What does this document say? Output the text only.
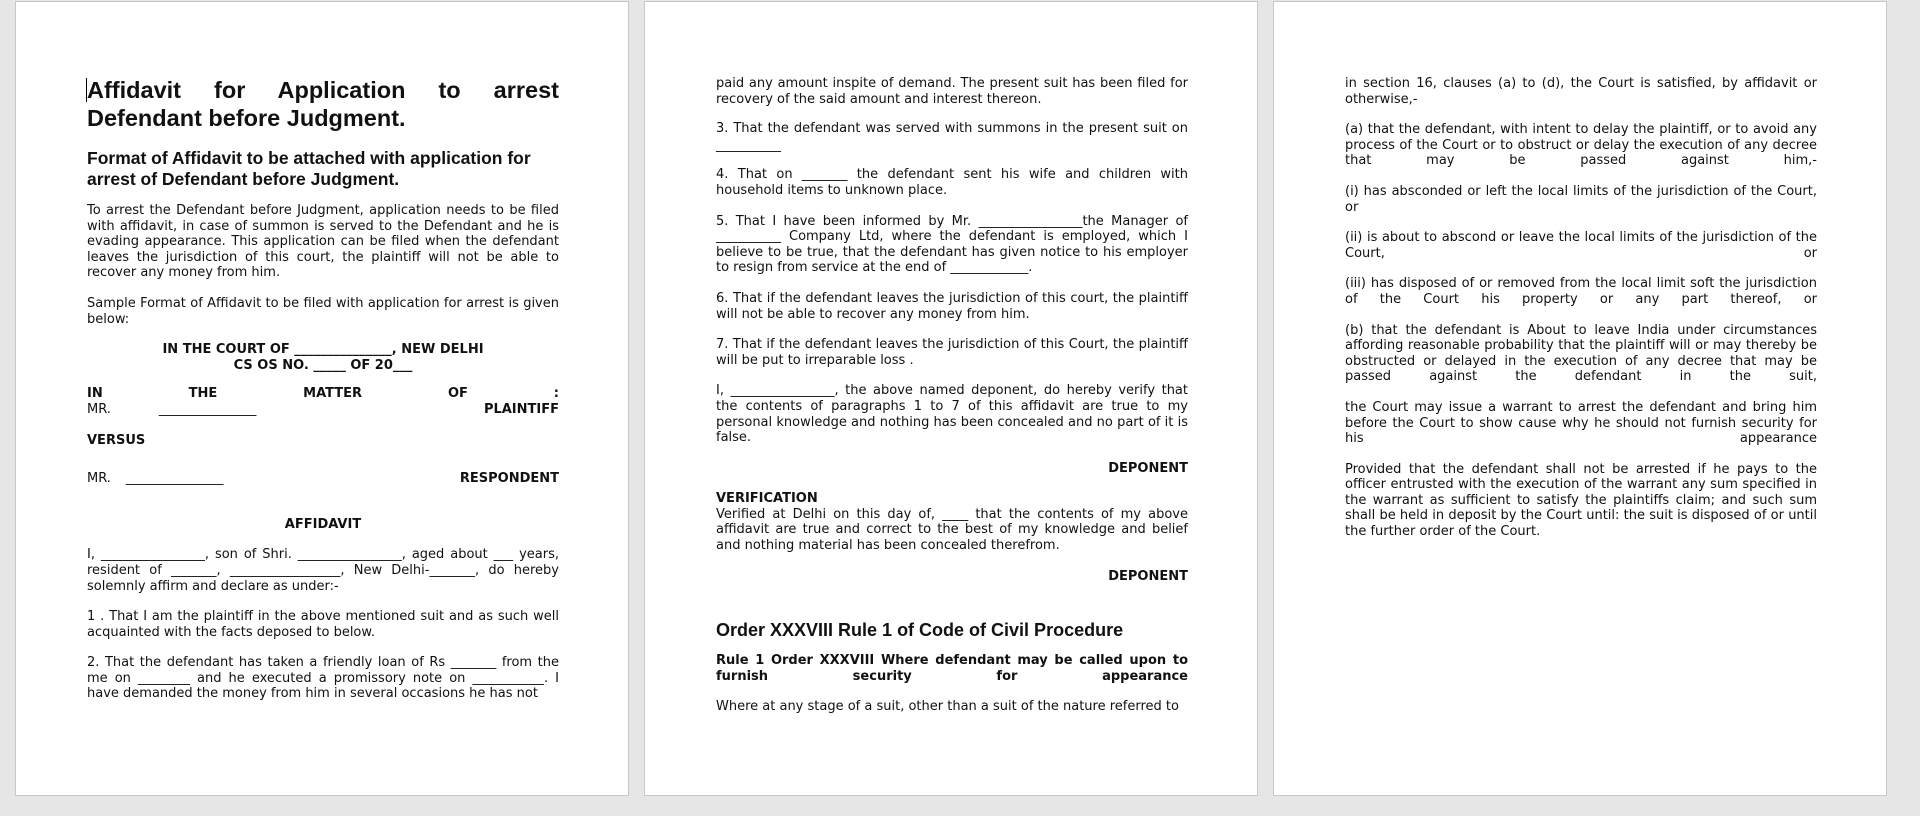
Affidavit for Application to arrest
Defendant before Judgment.

Format of Affidavit to be attached with application for arrest of Defendant before Judgment.

To arrest the Defendant before Judgment, application needs to be filed with affidavit, in case of summon is served to the Defendant and he is evading appearance. This application can be filed when the defendant leaves the jurisdiction of this court, the plaintiff will not be able to recover any money from him.

Sample Format of Affidavit to be filed with application for arrest is given below:

IN THE COURT OF _______________, NEW DELHI

CS OS NO. _____ OF 20___

IN	THE	MATTER	OF	:
MR.	_______________	PLAINTIFF

VERSUS

MR. _______________	RESPONDENT

AFFIDAVIT

I, ________________, son of Shri. ________________, aged about ___ years, resident of _______, _________________, New Delhi-_______, do hereby solemnly affirm and declare as under:-

1 . That I am the plaintiff in the above mentioned suit and as such well acquainted with the facts deposed to below.

2. That the defendant has taken a friendly loan of Rs _______ from the me on ________ and he executed a promissory note on ___________. I have demanded the money from him in several occasions he has not

paid any amount inspite of demand. The present suit has been filed for recovery of the said amount and interest thereon.

3. That the defendant was served with summons in the present suit on

__________

4. That on _______ the defendant sent his wife and children with household items to unknown place.

5. That I have been informed by Mr. ________________the Manager of __________ Company Ltd, where the defendant is employed, which I believe to be true, that the defendant has given notice to his employer to resign from service at the end of ____________.

6. That if the defendant leaves the jurisdiction of this court, the plaintiff will not be able to recover any money from him.

7. That if the defendant leaves the jurisdiction of this Court, the plaintiff will be put to irreparable loss .

I, ________________, the above named deponent, do hereby verify that the contents of paragraphs 1 to 7 of this affidavit are true to my personal knowledge and nothing has been concealed and no part of it is false.

DEPONENT

VERIFICATION

Verified at Delhi on this day of, ____ that the contents of my above affidavit are true and correct to the best of my knowledge and belief and nothing material has been concealed therefrom.

DEPONENT

Order XXXVIII Rule 1 of Code of Civil Procedure

Rule 1 Order XXXVIII Where defendant may be called upon to furnish security for appearance

Where at any stage of a suit, other than a suit of the nature referred to

in section 16, clauses (a) to (d), the Court is satisfied, by affidavit or otherwise,-

(a) that the defendant, with intent to delay the plaintiff, or to avoid any process of the Court or to obstruct or delay the execution of any decree that may be passed against him,-

(i) has absconded or left the local limits of the jurisdiction of the Court, or

(ii) is about to abscond or leave the local limits of the jurisdiction of the Court, or

(iii) has disposed of or removed from the local limit soft the jurisdiction of the Court his property or any part thereof, or

(b) that the defendant is About to leave India under circumstances affording reasonable probability that the plaintiff will or may thereby be obstructed or delayed in the execution of any decree that may be passed against the defendant in the suit,

the Court may issue a warrant to arrest the defendant and bring him before the Court to show cause why he should not furnish security for his appearance

Provided that the defendant shall not be arrested if he pays to the officer entrusted with the execution of the warrant any sum specified in the warrant as sufficient to satisfy the plaintiffs claim; and such sum shall be held in deposit by the Court until: the suit is disposed of or until the further order of the Court.
